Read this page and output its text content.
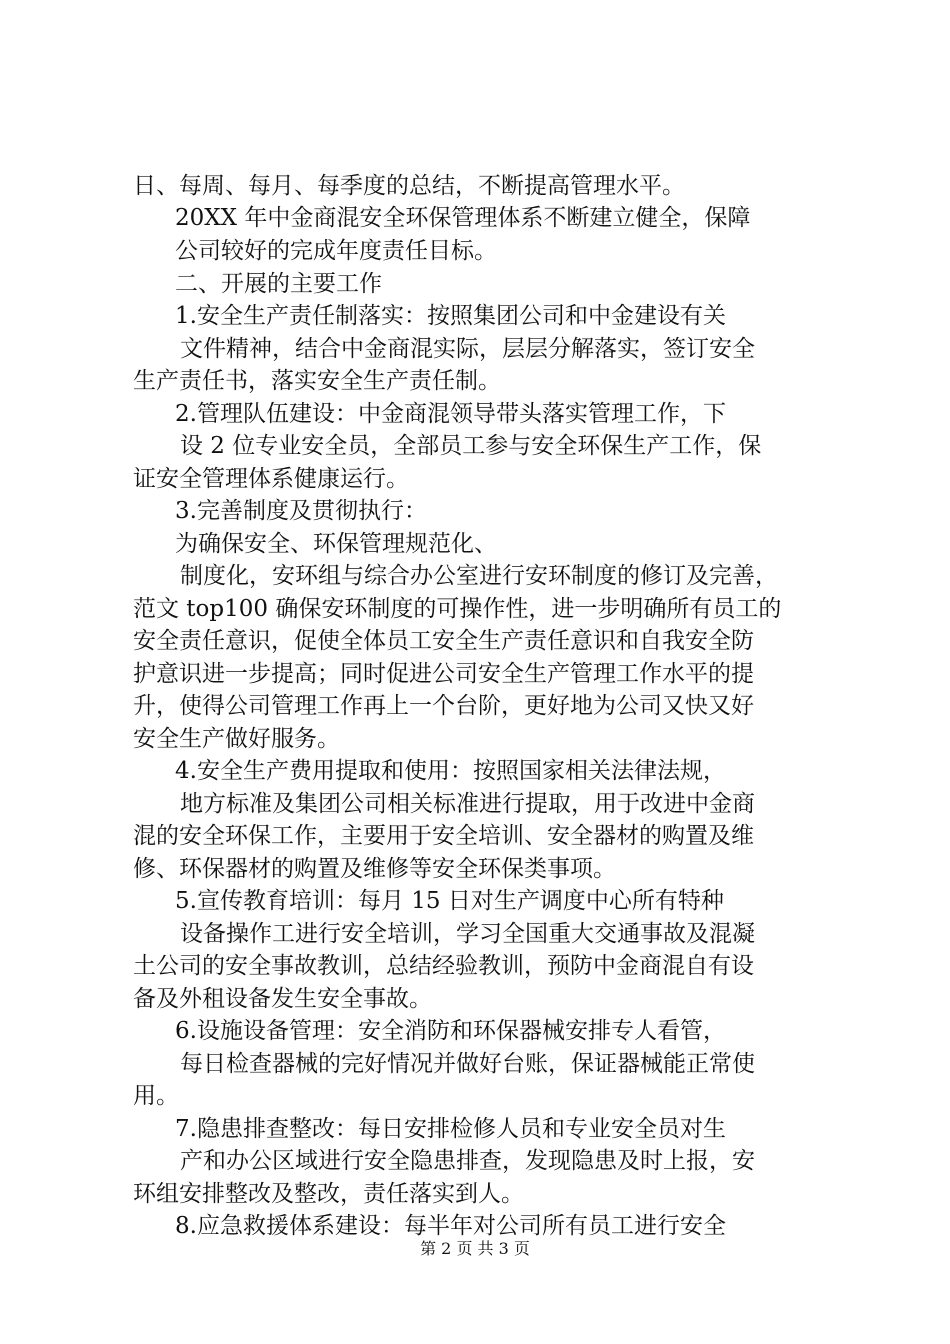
日、每周、每月、每季度的总结，不断提高管理水平。
20XX 年中金商混安全环保管理体系不断建立健全，保障
公司较好的完成年度责任目标。
二、开展的主要工作
1.安全生产责任制落实：按照集团公司和中金建设有关
文件精神，结合中金商混实际，层层分解落实，签订安全
生产责任书，落实安全生产责任制。
2.管理队伍建设：中金商混领导带头落实管理工作，下
设 2 位专业安全员，全部员工参与安全环保生产工作，保
证安全管理体系健康运行。
3.完善制度及贯彻执行：
为确保安全、环保管理规范化、
制度化，安环组与综合办公室进行安环制度的修订及完善，
范文 top100 确保安环制度的可操作性，进一步明确所有员工的
安全责任意识，促使全体员工安全生产责任意识和自我安全防
护意识进一步提高；同时促进公司安全生产管理工作水平的提
升，使得公司管理工作再上一个台阶，更好地为公司又快又好
安全生产做好服务。
4.安全生产费用提取和使用：按照国家相关法律法规，
地方标准及集团公司相关标准进行提取，用于改进中金商
混的安全环保工作，主要用于安全培训、安全器材的购置及维
修、环保器材的购置及维修等安全环保类事项。
5.宣传教育培训：每月 15 日对生产调度中心所有特种
设备操作工进行安全培训，学习全国重大交通事故及混凝
土公司的安全事故教训，总结经验教训，预防中金商混自有设
备及外租设备发生安全事故。
6.设施设备管理：安全消防和环保器械安排专人看管，
每日检查器械的完好情况并做好台账，保证器械能正常使
用。
7.隐患排查整改：每日安排检修人员和专业安全员对生
产和办公区域进行安全隐患排查，发现隐患及时上报，安
环组安排整改及整改，责任落实到人。
8.应急救援体系建设：每半年对公司所有员工进行安全
第 2 页 共 3 页
